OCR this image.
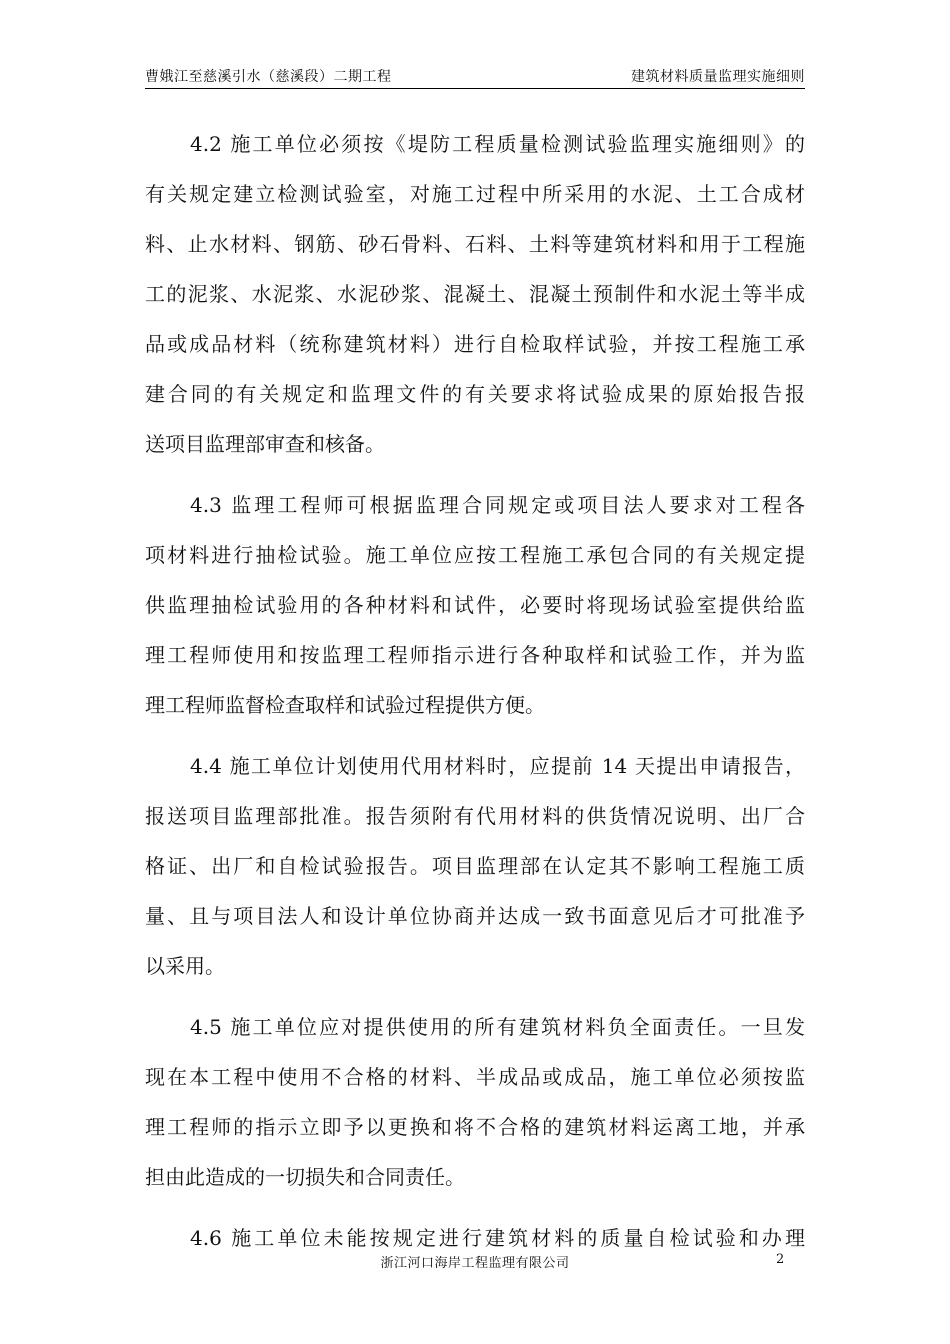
曹娥江至慈溪引水（慈溪段）二期工程	建筑材料质量监理实施细则
4.2 施工单位必须按《堤防工程质量检测试验监理实施细则》的
有关规定建立检测试验室，对施工过程中所采用的水泥、土工合成材
料、止水材料、钢筋、砂石骨料、石料、土料等建筑材料和用于工程施
工的泥浆、水泥浆、水泥砂浆、混凝土、混凝土预制件和水泥土等半成
品或成品材料（统称建筑材料）进行自检取样试验，并按工程施工承
建合同的有关规定和监理文件的有关要求将试验成果的原始报告报
送项目监理部审查和核备。
4.3 监理工程师可根据监理合同规定或项目法人要求对工程各
项材料进行抽检试验。施工单位应按工程施工承包合同的有关规定提
供监理抽检试验用的各种材料和试件，必要时将现场试验室提供给监
理工程师使用和按监理工程师指示进行各种取样和试验工作，并为监
理工程师监督检查取样和试验过程提供方便。
4.4 施工单位计划使用代用材料时，应提前 14 天提出申请报告，
报送项目监理部批准。报告须附有代用材料的供货情况说明、出厂合
格证、出厂和自检试验报告。项目监理部在认定其不影响工程施工质
量、且与项目法人和设计单位协商并达成一致书面意见后才可批准予
以采用。
4.5 施工单位应对提供使用的所有建筑材料负全面责任。一旦发
现在本工程中使用不合格的材料、半成品或成品，施工单位必须按监
理工程师的指示立即予以更换和将不合格的建筑材料运离工地，并承
担由此造成的一切损失和合同责任。
4.6 施工单位未能按规定进行建筑材料的质量自检试验和办理
浙江河口海岸工程监理有限公司	2
